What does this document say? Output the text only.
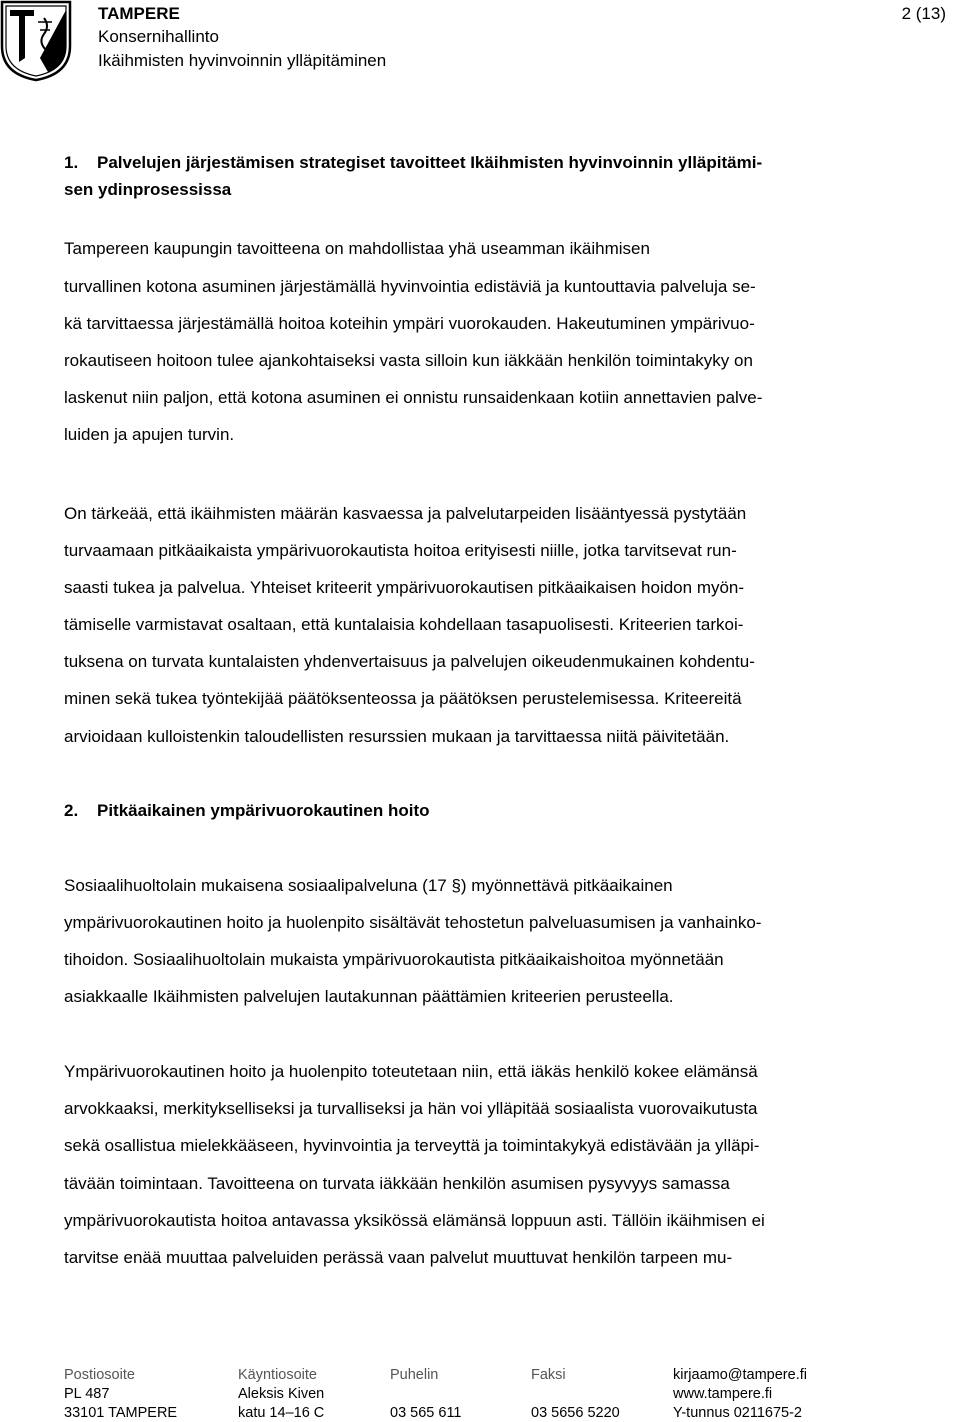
TAMPERE
Konsernihallinto
Ikäihmisten hyvinvoinnin ylläpitäminen
2 (13)
1. Palvelujen järjestämisen strategiset tavoitteet Ikäihmisten hyvinvoinnin ylläpitämi-
sen ydinprosessissa
Tampereen kaupungin tavoitteena on mahdollistaa yhä useamman ikäihmisen
turvallinen kotona asuminen järjestämällä hyvinvointia edistäviä ja kuntouttavia palveluja se-
kä tarvittaessa järjestämällä hoitoa koteihin ympäri vuorokauden. Hakeutuminen ympärivuo-
rokautiseen hoitoon tulee ajankohtaiseksi vasta silloin kun iäkkään henkilön toimintakyky on
laskenut niin paljon, että kotona asuminen ei onnistu runsaidenkaan kotiin annettavien palve-
luiden ja apujen turvin.
On tärkeää, että ikäihmisten määrän kasvaessa ja palvelutarpeiden lisääntyessä pystytään
turvaamaan pitkäaikaista ympärivuorokautista hoitoa erityisesti niille, jotka tarvitsevat run-
saasti tukea ja palvelua. Yhteiset kriteerit ympärivuorokautisen pitkäaikaisen hoidon myön-
tämiselle varmistavat osaltaan, että kuntalaisia kohdellaan tasapuolisesti. Kriteerien tarkoi-
tuksena on turvata kuntalaisten yhdenvertaisuus ja palvelujen oikeudenmukainen kohdentu-
minen sekä tukea työntekijää päätöksenteossa ja päätöksen perustelemisessa. Kriteereitä
arvioidaan kulloistenkin taloudellisten resurssien mukaan ja tarvittaessa niitä päivitetään.
2. Pitkäaikainen ympärivuorokautinen hoito
Sosiaalihuoltolain mukaisena sosiaalipalveluna (17 §) myönnettävä pitkäaikainen
ympärivuorokautinen hoito ja huolenpito sisältävät tehostetun palveluasumisen ja vanhainko-
tihoidon. Sosiaalihuoltolain mukaista ympärivuorokautista pitkäaikaishoitoa myönnetään
asiakkaalle Ikäihmisten palvelujen lautakunnan päättämien kriteerien perusteella.
Ympärivuorokautinen hoito ja huolenpito toteutetaan niin, että iäkäs henkilö kokee elämänsä
arvokkaaksi, merkitykselliseksi ja turvalliseksi ja hän voi ylläpitää sosiaalista vuorovaikutusta
sekä osallistua mielekkääseen, hyvinvointia ja terveyttä ja toimintakykyä edistävään ja ylläpi-
tävään toimintaan. Tavoitteena on turvata iäkkään henkilön asumisen pysyvyys samassa
ympärivuorokautista hoitoa antavassa yksikössä elämänsä loppuun asti. Tällöin ikäihmisen ei
tarvitse enää muuttaa palveluiden perässä vaan palvelut muuttuvat henkilön tarpeen mu-
Postiosoite
PL 487
33101 TAMPERE
Käyntiosoite
Aleksis Kiven
katu 14–16 C
Puhelin
03 565 611
Faksi
03 5656 5220
kirjaamo@tampere.fi
www.tampere.fi
Y-tunnus 0211675-2
